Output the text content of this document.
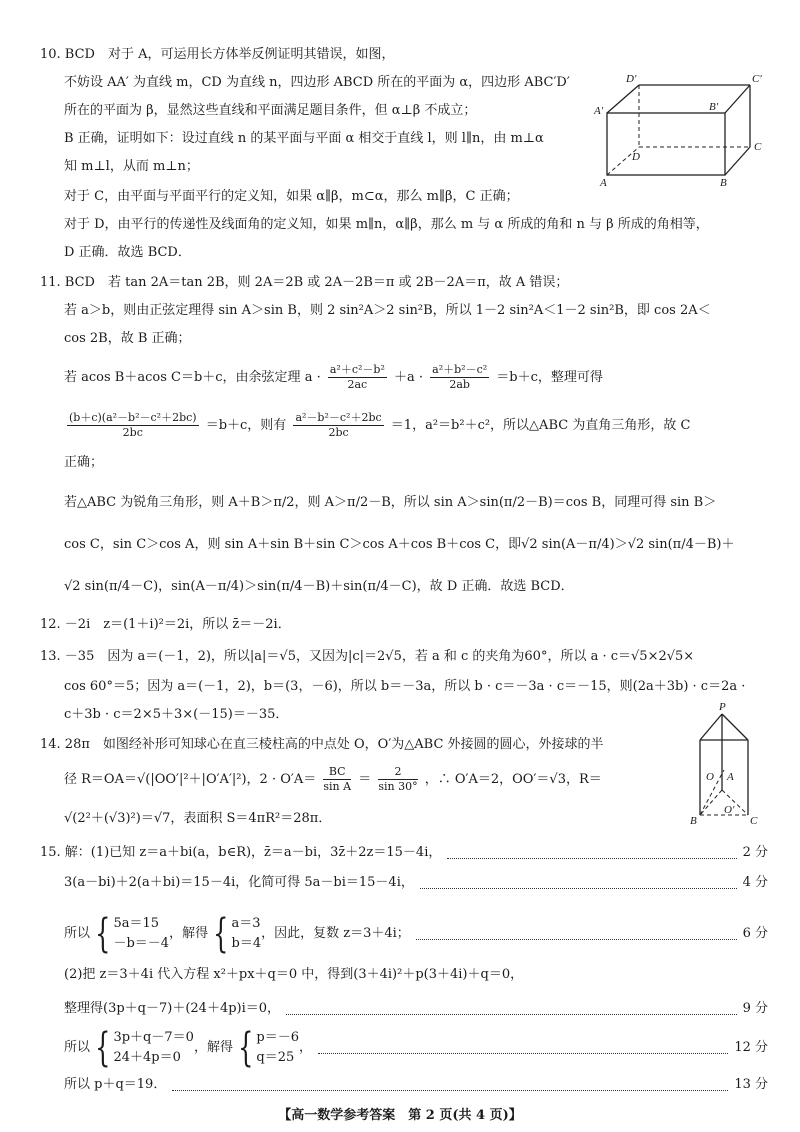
10. BCD　对于 A，可运用长方体举反例证明其错误，如图，
不妨设 AA′ 为直线 m，CD 为直线 n，四边形 ABCD 所在的平面为 α，四边形 ABC′D′
所在的平面为 β，显然这些直线和平面满足题目条件，但 α⊥β 不成立；
B 正确，证明如下：设过直线 n 的某平面与平面 α 相交于直线 l，则 l∥n，由 m⊥α
知 m⊥l，从而 m⊥n；
对于 C，由平面与平面平行的定义知，如果 α∥β，m⊂α，那么 m∥β，C 正确；
对于 D，由平行的传递性及线面角的定义知，如果 m∥n，α∥β，那么 m 与 α 所成的角和 n 与 β 所成的角相等，
D 正确．故选 BCD．
D′	C′
A′	B′
D
C
A	B
11. BCD　若 tan 2A＝tan 2B，则 2A＝2B 或 2A－2B＝π 或 2B－2A＝π，故 A 错误；
若 a＞b，则由正弦定理得 sin A＞sin B，则 2 sin²A＞2 sin²B，所以 1－2 sin²A＜1－2 sin²B，即 cos 2A＜
cos 2B，故 B 正确；
若 acos B＋acos C＝b＋c，由余弦定理 $a \cdot \frac{\text{a²＋c²－b²}}{2ac} +a \cdot \frac{\text{a²＋b²－c²}}{2ab} =b+c$，整理可得
$\frac{\text{(b＋c)(a²－b²－c²＋2bc)}}{2bc} =b+c$，则有 $\frac{\text{a²－b²－c²＋2bc}}{2bc} =1$，a²＝b²＋c²，所以△ABC 为直角三角形，故 C
正确；
若△ABC 为锐角三角形，则 A＋B＞π/2，则 A＞π/2－B，所以 sin A＞sin(π/2－B)＝cos B，同理可得 sin B＞
cos C，sin C＞cos A，则 sin A＋sin B＋sin C＞cos A＋cos B＋cos C，即√2 sin(A－π/4)＞√2 sin(π/4－B)＋
√2 sin(π/4－C)，sin(A－π/4)＞sin(π/4－B)＋sin(π/4－C)，故 D 正确．故选 BCD．
12. －2i　z＝(1＋i)²＝2i，所以 z̄＝－2i．
13. －35　因为 a＝(－1，2)，所以|a|＝√5，又因为|c|＝2√5，若 a 和 c 的夹角为60°，所以 a · c＝√5×2√5×
cos 60°＝5；因为 a＝(－1，2)，b＝(3，－6)，所以 b＝－3a，所以 b · c＝－3a · c＝－15，则(2a＋3b) · c＝2a ·
c＋3b · c＝2×5＋3×(－15)＝－35．
14. 28π　如图经补形可知球心在直三棱柱高的中点处 O，O′为△ABC 外接圆的圆心，外接球的半
径 R＝OA＝√(|OO′|²＋|O′A′|²)，$2 \cdot O'A= \frac{BC}{\text{sin A}} = \frac{2}{\sin 30^\circ}$ ，∴ O′A＝2，OO′＝√3，R＝
√(2²＋(√3)²)＝√7，表面积 S＝4πR²＝28π．
P
O A
O′
B	C
15. 解：(1)已知 z＝a＋bi(a，b∈R)，z̄＝a－bi，3z̄＋2z＝15－4i，	2 分
3(a－bi)＋2(a＋bi)＝15－4i，化简可得 5a－bi＝15－4i，	4 分
所以 { 5a＝15
－b＝－4
，解得 { a＝3
b＝4
，因此，复数 z＝3＋4i；	6 分
(2)把 z＝3＋4i 代入方程 x²＋px＋q＝0 中，得到(3＋4i)²＋p(3＋4i)＋q＝0，
整理得(3p＋q－7)＋(24＋4p)i＝0，	9 分
所以 { 3p＋q－7＝0
24＋4p＝0
，解得 { p＝－6
q＝25
，	12 分
所以 p＋q＝19．	13 分
【高一数学参考答案　第 2 页(共 4 页)】
